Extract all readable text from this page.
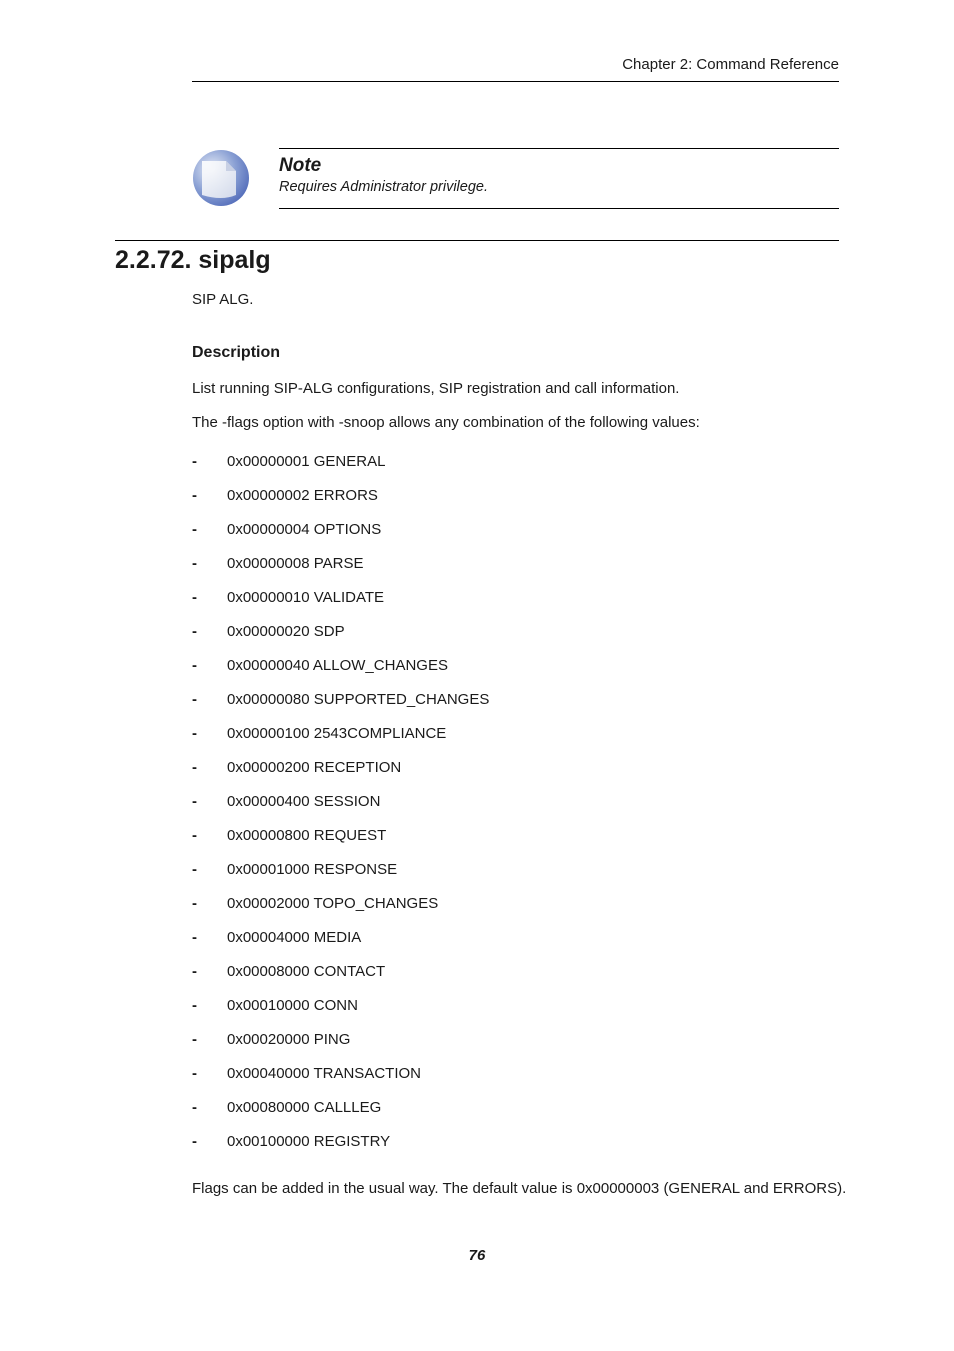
Chapter 2: Command Reference
Note
Requires Administrator privilege.
2.2.72. sipalg
SIP ALG.
Description
List running SIP-ALG configurations, SIP registration and call information.
The -flags option with -snoop allows any combination of the following values:
- 0x00000001 GENERAL
- 0x00000002 ERRORS
- 0x00000004 OPTIONS
- 0x00000008 PARSE
- 0x00000010 VALIDATE
- 0x00000020 SDP
- 0x00000040 ALLOW_CHANGES
- 0x00000080 SUPPORTED_CHANGES
- 0x00000100 2543COMPLIANCE
- 0x00000200 RECEPTION
- 0x00000400 SESSION
- 0x00000800 REQUEST
- 0x00001000 RESPONSE
- 0x00002000 TOPO_CHANGES
- 0x00004000 MEDIA
- 0x00008000 CONTACT
- 0x00010000 CONN
- 0x00020000 PING
- 0x00040000 TRANSACTION
- 0x00080000 CALLLEG
- 0x00100000 REGISTRY
Flags can be added in the usual way. The default value is 0x00000003 (GENERAL and ERRORS).
76
